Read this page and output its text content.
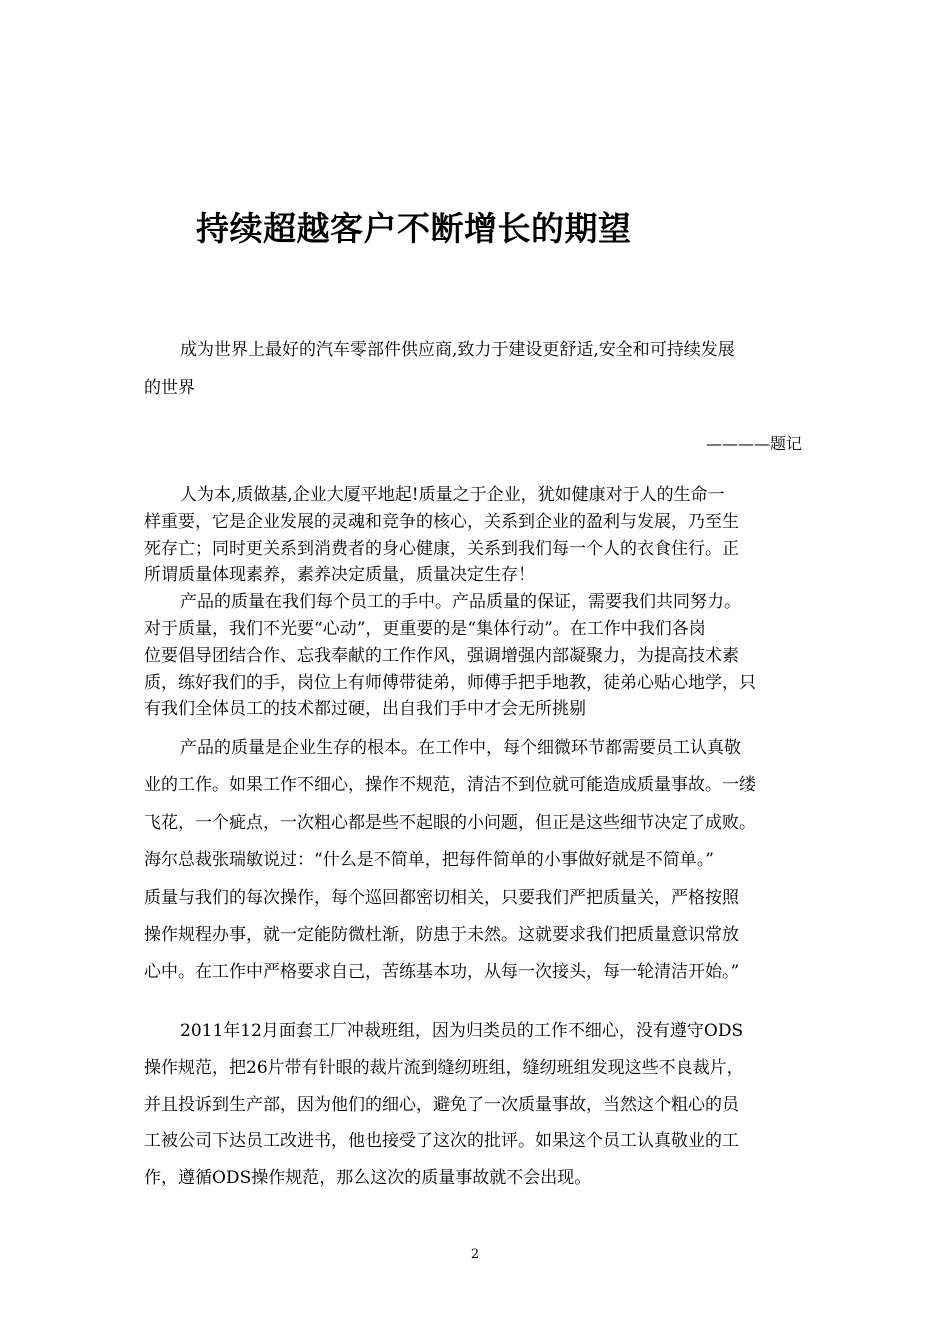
持续超越客户不断增长的期望

成为世界上最好的汽车零部件供应商,致力于建设更舒适,安全和可持续发展
的世界

————题记
人为本,质做基,企业大厦平地起!质量之于企业，犹如健康对于人的生命一
样重要，它是企业发展的灵魂和竞争的核心，关系到企业的盈利与发展，乃至生
死存亡；同时更关系到消费者的身心健康，关系到我们每一个人的衣食住行。正
所谓质量体现素养，素养决定质量，质量决定生存！
产品的质量在我们每个员工的手中。产品质量的保证，需要我们共同努力。
对于质量，我们不光要“心动”，更重要的是“集体行动”。在工作中我们各岗
位要倡导团结合作、忘我奉献的工作作风，强调增强内部凝聚力，为提高技术素
质，练好我们的手，岗位上有师傅带徒弟，师傅手把手地教，徒弟心贴心地学，只
有我们全体员工的技术都过硬，出自我们手中才会无所挑剔
产品的质量是企业生存的根本。在工作中，每个细微环节都需要员工认真敬
业的工作。如果工作不细心，操作不规范，清洁不到位就可能造成质量事故。一缕
飞花，一个疵点，一次粗心都是些不起眼的小问题，但正是这些细节决定了成败。
海尔总裁张瑞敏说过：“什么是不简单，把每件简单的小事做好就是不简单。”
质量与我们的每次操作，每个巡回都密切相关，只要我们严把质量关，严格按照
操作规程办事，就一定能防微杜渐，防患于未然。这就要求我们把质量意识常放
心中。在工作中严格要求自己，苦练基本功，从每一次接头，每一轮清洁开始。”
2011年12月面套工厂冲裁班组，因为归类员的工作不细心，没有遵守ODS
操作规范，把26片带有针眼的裁片流到缝纫班组，缝纫班组发现这些不良裁片，
并且投诉到生产部，因为他们的细心，避免了一次质量事故，当然这个粗心的员
工被公司下达员工改进书，他也接受了这次的批评。如果这个员工认真敬业的工
作，遵循ODS操作规范，那么这次的质量事故就不会出现。
2
